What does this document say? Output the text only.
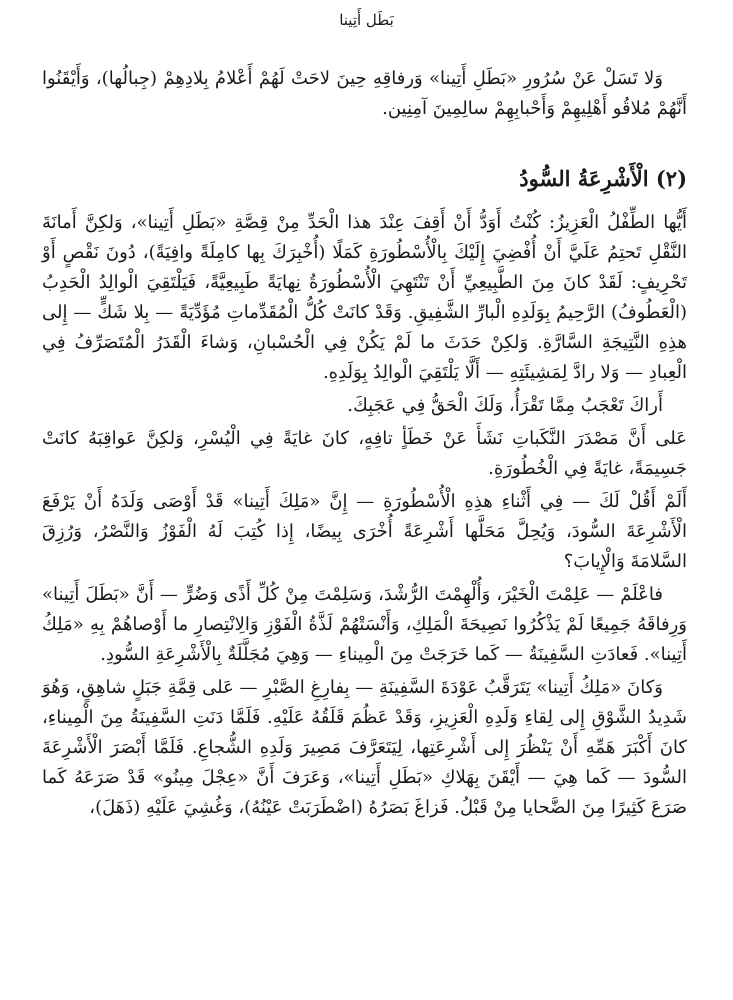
بَطَل أَتِينا

وَلا تَسَلْ عَنْ سُرُورِ «بَطَلِ أَتِينا» وَرفاقِهِ حِينَ لاحَتْ لَهُمْ أَعْلامُ بِلادِهِمْ (جِبالُها)، وَأَيْقَنُوا أَنَّهُمْ مُلاقُو أَهْلِيهِمْ وَأَحْبابِهِمْ سالِمِينَ آمِنِين.

(٢) الْأَشْرِعَةُ السُّودُ

أَيُّها الطِّفْلُ الْعَزِيزُ: كُنْتُ أَوَدُّ أَنْ أَقِفَ عِنْدَ هذا الْحَدِّ مِنْ قِصَّةِ «بَطَلِ أَتِينا»، وَلكِنَّ أَمانَةَ النَّقْلِ تَحتِمُ عَلَيَّ أَنْ أُفْضِيَ إِلَيْكَ بِالْأُسْطُورَةِ كَمَلًا (أُخْبِرَكَ بِها كامِلَةً وافِيَةً)، دُونَ نَقْصٍ أَوْ تَحْرِيفٍ: لَقَدْ كانَ مِنَ الطَّبِيعِيِّ أَنْ تَنْتَهِيَ الْأُسْطُورَةُ نِهايَةً طَبِيعِيَّةً، فَيَلْتَقِيَ الْوالِدُ الْحَدِبُ (الْعَطُوفُ) الرَّحِيمُ بِوَلَدِهِ الْبارِّ الشَّفِيقِ. وَقَدْ كانَتْ كُلُّ الْمُقَدِّماتِ مُؤَدِّيَةً — بِلا شَكٍّ — إِلى هذِهِ النَّتِيجَةِ السَّارَّةِ. وَلكِنْ حَدَثَ ما لَمْ يَكُنْ فِي الْحُسْبانِ، وَشاءَ الْقَدَرُ الْمُتَصَرِّفُ فِي الْعِبادِ — وَلا رادَّ لِمَشِيئَتِهِ — أَلَّا يَلْتَقِيَ الْوالِدُ بِوَلَدِهِ.

أَراكَ تَعْجَبُ مِمَّا تَقْرَأُ، وَلَكَ الْحَقُّ فِي عَجَبِكَ.

عَلى أَنَّ مَصْدَرَ النَّكَباتِ نَشَأَ عَنْ خَطَأٍ تافِهٍ، كانَ غايَةً فِي الْيُسْرِ، وَلكِنَّ عَواقِبَهُ كانَتْ جَسِيمَةً، غايَةً فِي الْخُطُورَةِ.

أَلَمْ أَقُلْ لَكَ — فِي أَثْناءِ هذِهِ الْأُسْطُورَةِ — إِنَّ «مَلِكَ أَتِينا» قَدْ أَوْصَى وَلَدَهُ أَنْ يَرْفَعَ الْأَشْرِعَةَ السُّودَ، وَيُحِلَّ مَحَلَّها أَشْرِعَةً أُخْرَى بِيضًا، إِذا كُتِبَ لَهُ الْفَوْزُ وَالنَّصْرُ، وَرُزِقَ السَّلامَةَ وَالْإِيابَ؟

فاعْلَمْ — عَلِمْتَ الْخَيْرَ، وَأُلْهِمْتَ الرُّشْدَ، وَسَلِمْتَ مِنْ كُلِّ أَذًى وَضُرٍّ — أَنَّ «بَطَلَ أَتِينا» وَرِفاقَهُ جَمِيعًا لَمْ يَذْكُرُوا نَصِيحَةَ الْمَلِكِ، وَأَنْسَتْهُمْ لَذَّةُ الْفَوْزِ وَالِانْتِصارِ ما أَوْصاهُمْ بِهِ «مَلِكُ أَتِينا». فَعادَتِ السَّفِينَةُ — كَما خَرَجَتْ مِنَ الْمِيناءِ — وَهِيَ مُجَلَّلَةٌ بِالْأَشْرِعَةِ السُّودِ.

وَكانَ «مَلِكُ أَتِينا» يَتَرَقَّبُ عَوْدَةَ السَّفِينَةِ — بِفارِغِ الصَّبْرِ — عَلى قِمَّةِ جَبَلٍ شاهِقٍ، وَهُوَ شَدِيدُ الشَّوْقِ إِلى لِقاءِ وَلَدِهِ الْعَزِيزِ، وَقَدْ عَظُمَ قَلَقُهُ عَلَيْهِ. فَلَمَّا دَنَتِ السَّفِينَةُ مِنَ الْمِيناءِ، كانَ أَكْبَرَ هَمِّهِ أَنْ يَنْظُرَ إِلى أَشْرِعَتِها، لِيَتَعَرَّفَ مَصِيرَ وَلَدِهِ الشُّجاعِ. فَلَمَّا أَبْصَرَ الْأَشْرِعَةَ السُّودَ — كَما هِيَ — أَيْقَنَ بِهَلاكِ «بَطَلِ أَتِينا»، وَعَرَفَ أَنَّ «عِجْلَ مِينُو» قَدْ صَرَعَهُ كَما صَرَعَ كَثِيرًا مِنَ الضَّحايا مِنْ قَبْلُ. فَزاغَ بَصَرُهُ (اضْطَرَبَتْ عَيْنُهُ)، وَغُشِيَ عَلَيْهِ (ذَهَلَ)،
